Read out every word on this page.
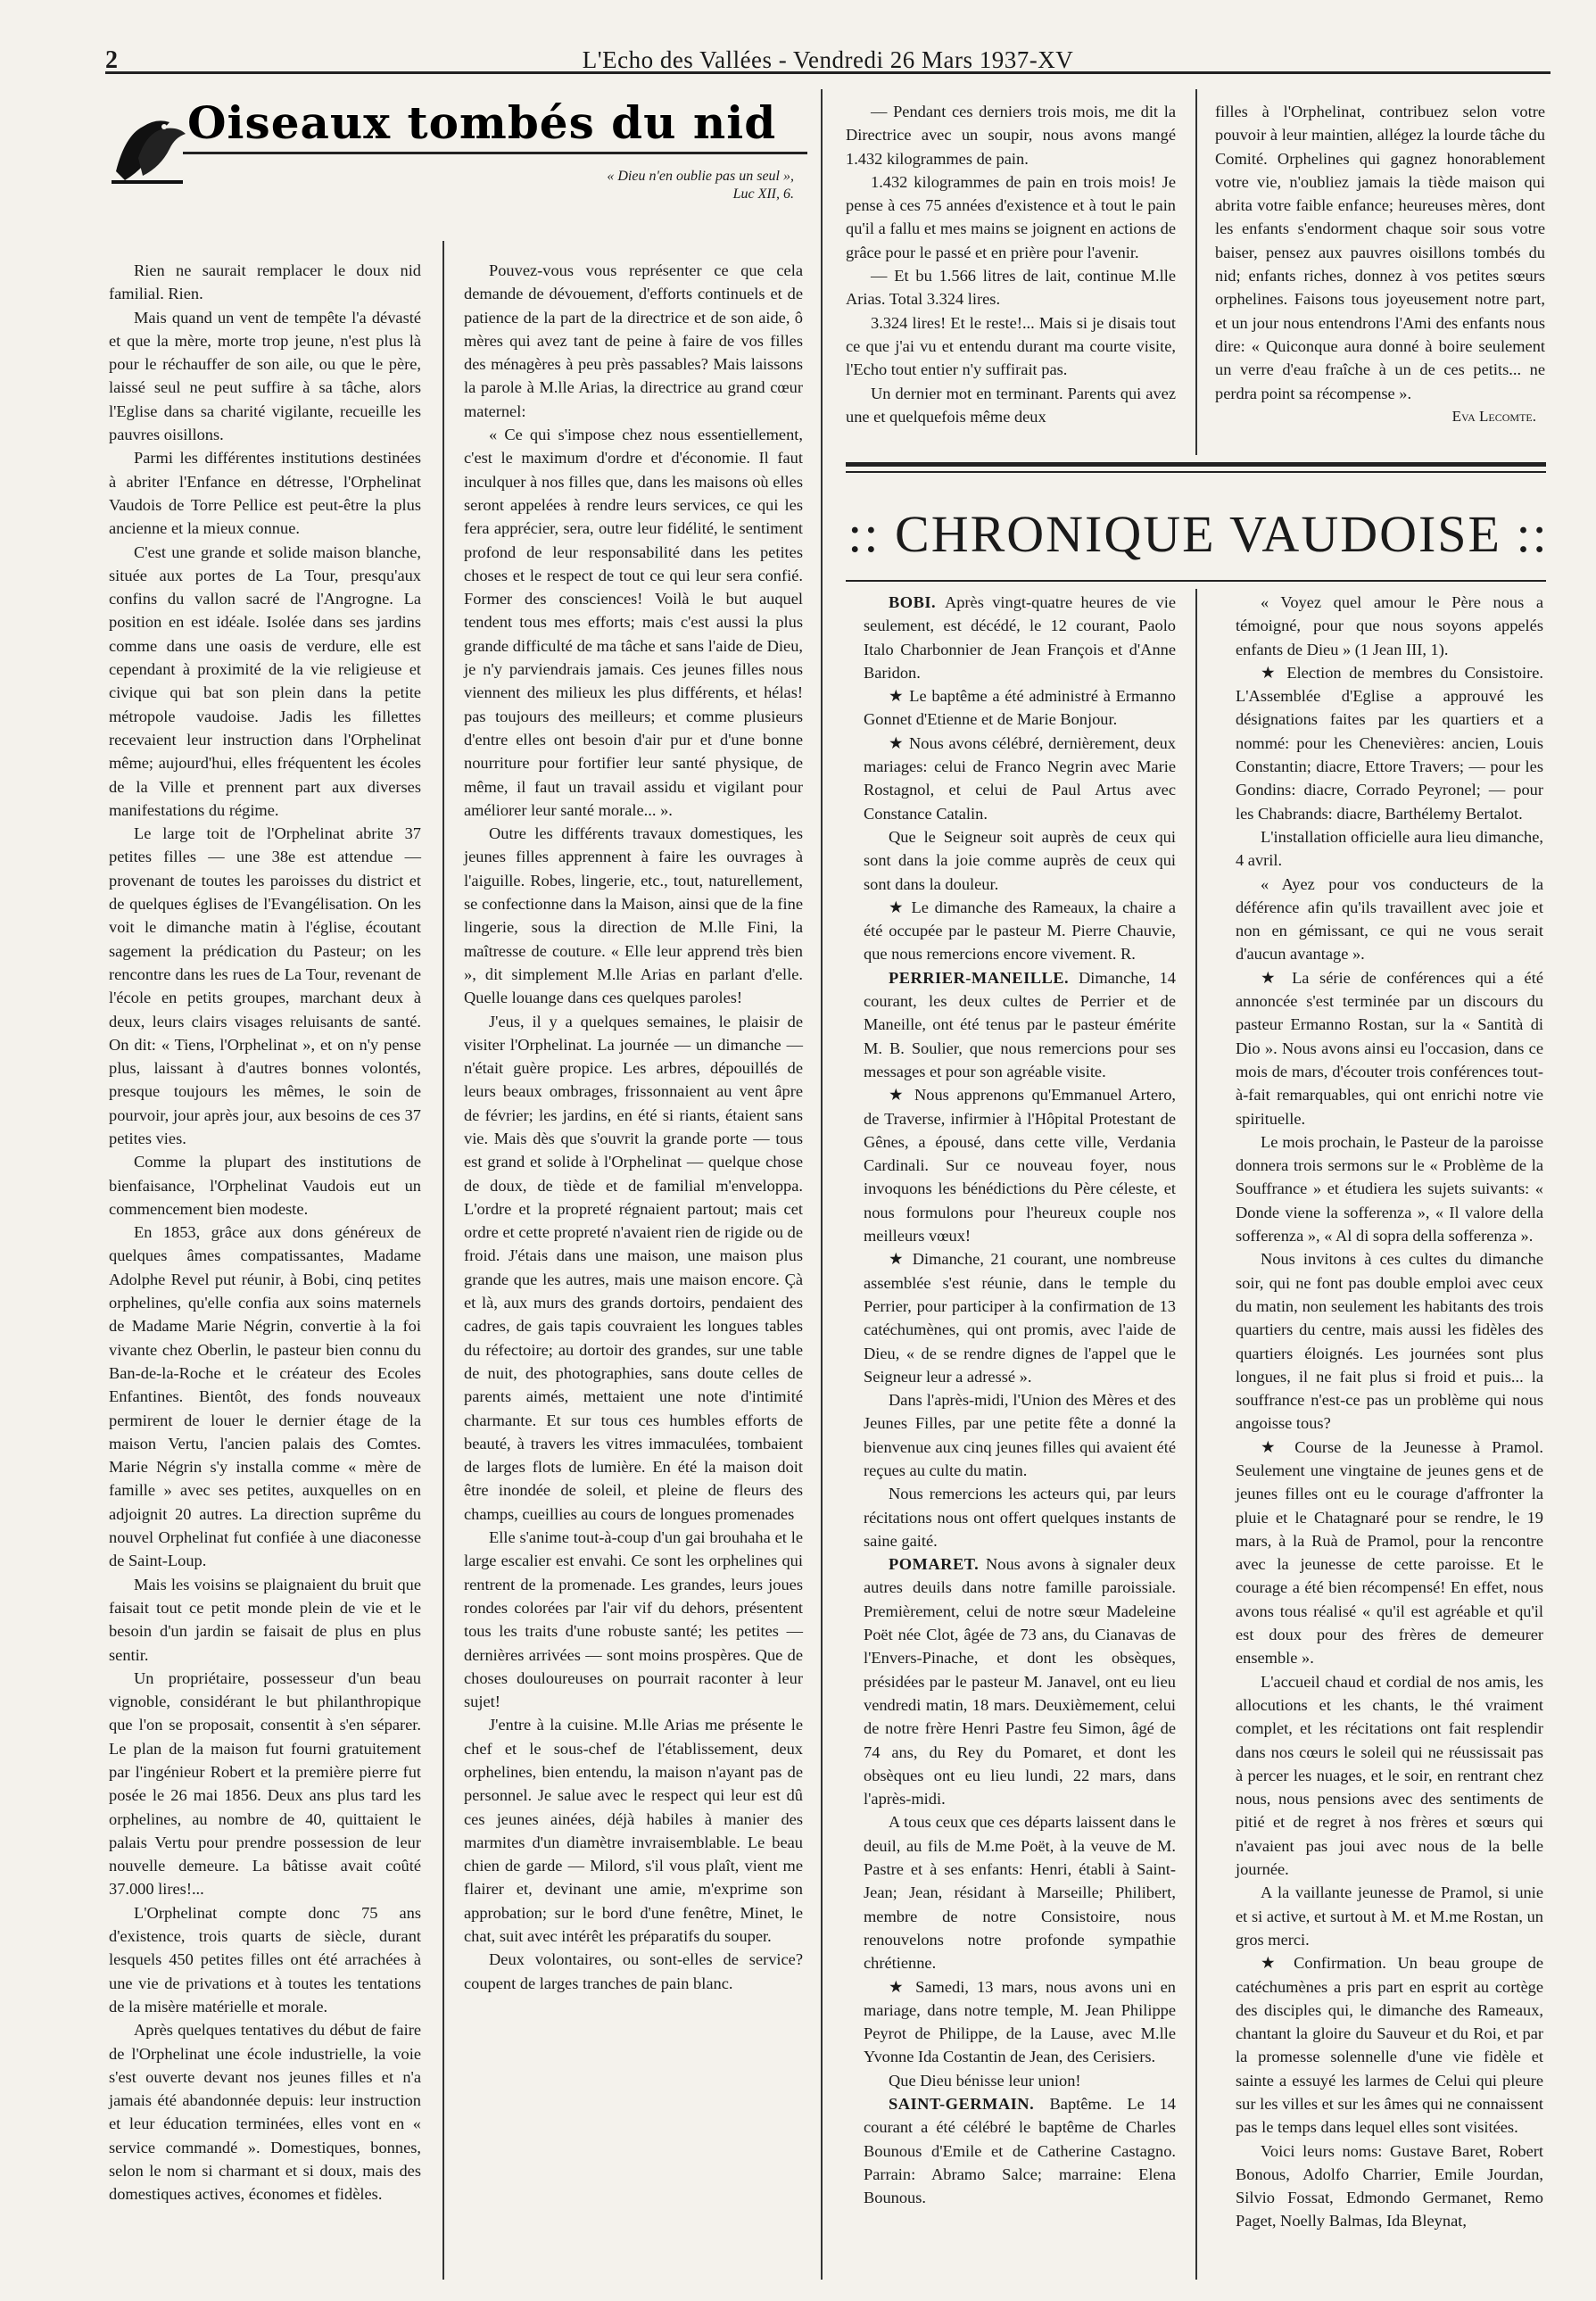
2	L'Echo des Vallées - Vendredi 26 Mars 1937-XV
Oiseaux tombés du nid
« Dieu n'en oublie pas un seul »,
Luc XII, 6.

Rien ne saurait remplacer le doux nid familial. Rien.

Mais quand un vent de tempête l'a dévasté et que la mère, morte trop jeune, n'est plus là pour le réchauffer de son aile, ou que le père, laissé seul ne peut suffire à sa tâche, alors l'Eglise dans sa charité vigilante, recueille les pauvres oisillons.

Parmi les différentes institutions destinées à abriter l'Enfance en détresse, l'Orphelinat Vaudois de Torre Pellice est peut-être la plus ancienne et la mieux connue.

C'est une grande et solide maison blanche, située aux portes de La Tour, presqu'aux confins du vallon sacré de l'Angrogne. La position en est idéale. Isolée dans ses jardins comme dans une oasis de verdure, elle est cependant à proximité de la vie religieuse et civique qui bat son plein dans la petite métropole vaudoise. Jadis les fillettes recevaient leur instruction dans l'Orphelinat même; aujourd'hui, elles fréquentent les écoles de la Ville et prennent part aux diverses manifestations du régime.

Le large toit de l'Orphelinat abrite 37 petites filles — une 38e est attendue — provenant de toutes les paroisses du district et de quelques églises de l'Evangélisation. On les voit le dimanche matin à l'église, écoutant sagement la prédication du Pasteur; on les rencontre dans les rues de La Tour, revenant de l'école en petits groupes, marchant deux à deux, leurs clairs visages reluisants de santé. On dit: « Tiens, l'Orphelinat », et on n'y pense plus, laissant à d'autres bonnes volontés, presque toujours les mêmes, le soin de pourvoir, jour après jour, aux besoins de ces 37 petites vies.

Comme la plupart des institutions de bienfaisance, l'Orphelinat Vaudois eut un commencement bien modeste.

En 1853, grâce aux dons généreux de quelques âmes compatissantes, Madame Adolphe Revel put réunir, à Bobi, cinq petites orphelines, qu'elle confia aux soins maternels de Madame Marie Négrin, convertie à la foi vivante chez Oberlin, le pasteur bien connu du Ban-de-la-Roche et le créateur des Ecoles Enfantines. Bientôt, des fonds nouveaux permirent de louer le dernier étage de la maison Vertu, l'ancien palais des Comtes. Marie Négrin s'y installa comme « mère de famille » avec ses petites, auxquelles on en adjoignit 20 autres. La direction suprême du nouvel Orphelinat fut confiée à une diaconesse de Saint-Loup.

Mais les voisins se plaignaient du bruit que faisait tout ce petit monde plein de vie et le besoin d'un jardin se faisait de plus en plus sentir.

Un propriétaire, possesseur d'un beau vignoble, considérant le but philanthropique que l'on se proposait, consentit à s'en séparer. Le plan de la maison fut fourni gratuitement par l'ingénieur Robert et la première pierre fut posée le 26 mai 1856. Deux ans plus tard les orphelines, au nombre de 40, quittaient le palais Vertu pour prendre possession de leur nouvelle demeure. La bâtisse avait coûté 37.000 lires!...

L'Orphelinat compte donc 75 ans d'existence, trois quarts de siècle, durant lesquels 450 petites filles ont été arrachées à une vie de privations et à toutes les tentations de la misère matérielle et morale.

Après quelques tentatives du début de faire de l'Orphelinat une école industrielle, la voie s'est ouverte devant nos jeunes filles et n'a jamais été abandonnée depuis: leur instruction et leur éducation terminées, elles vont en « service commandé ». Domestiques, bonnes, selon le nom si charmant et si doux, mais des domestiques actives, économes et fidèles.

Pouvez-vous vous représenter ce que cela demande de dévouement, d'efforts continuels et de patience de la part de la directrice et de son aide, ô mères qui avez tant de peine à faire de vos filles des ménagères à peu près passables? Mais laissons la parole à M.lle Arias, la directrice au grand cœur maternel:

« Ce qui s'impose chez nous essentiellement, c'est le maximum d'ordre et d'économie. Il faut inculquer à nos filles que, dans les maisons où elles seront appelées à rendre leurs services, ce qui les fera apprécier, sera, outre leur fidélité, le sentiment profond de leur responsabilité dans les petites choses et le respect de tout ce qui leur sera confié. Former des consciences! Voilà le but auquel tendent tous mes efforts; mais c'est aussi la plus grande difficulté de ma tâche et sans l'aide de Dieu, je n'y parviendrais jamais. Ces jeunes filles nous viennent des milieux les plus différents, et hélas! pas toujours des meilleurs; et comme plusieurs d'entre elles ont besoin d'air pur et d'une bonne nourriture pour fortifier leur santé physique, de même, il faut un travail assidu et vigilant pour améliorer leur santé morale... ».

Outre les différents travaux domestiques, les jeunes filles apprennent à faire les ouvrages à l'aiguille. Robes, lingerie, etc., tout, naturellement, se confectionne dans la Maison, ainsi que de la fine lingerie, sous la direction de M.lle Fini, la maîtresse de couture. « Elle leur apprend très bien », dit simplement M.lle Arias en parlant d'elle. Quelle louange dans ces quelques paroles!

J'eus, il y a quelques semaines, le plaisir de visiter l'Orphelinat. La journée — un dimanche — n'était guère propice. Les arbres, dépouillés de leurs beaux ombrages, frissonnaient au vent âpre de février; les jardins, en été si riants, étaient sans vie. Mais dès que s'ouvrit la grande porte — tous est grand et solide à l'Orphelinat — quelque chose de doux, de tiède et de familial m'enveloppa. L'ordre et la propreté régnaient partout; mais cet ordre et cette propreté n'avaient rien de rigide ou de froid. J'étais dans une maison, une maison plus grande que les autres, mais une maison encore. Çà et là, aux murs des grands dortoirs, pendaient des cadres, de gais tapis couvraient les longues tables du réfectoire; au dortoir des grandes, sur une table de nuit, des photographies, sans doute celles de parents aimés, mettaient une note d'intimité charmante. Et sur tous ces humbles efforts de beauté, à travers les vitres immaculées, tombaient de larges flots de lumière. En été la maison doit être inondée de soleil, et pleine de fleurs des champs, cueillies au cours de longues promenades

Elle s'anime tout-à-coup d'un gai brouhaha et le large escalier est envahi. Ce sont les orphelines qui rentrent de la promenade. Les grandes, leurs joues rondes colorées par l'air vif du dehors, présentent tous les traits d'une robuste santé; les petites — dernières arrivées — sont moins prospères. Que de choses douloureuses on pourrait raconter à leur sujet!

J'entre à la cuisine. M.lle Arias me présente le chef et le sous-chef de l'établissement, deux orphelines, bien entendu, la maison n'ayant pas de personnel. Je salue avec le respect qui leur est dû ces jeunes ainées, déjà habiles à manier des marmites d'un diamètre invraisemblable. Le beau chien de garde — Milord, s'il vous plaît, vient me flairer et, devinant une amie, m'exprime son approbation; sur le bord d'une fenêtre, Minet, le chat, suit avec intérêt les préparatifs du souper.

Deux volontaires, ou sont-elles de service? coupent de larges tranches de pain blanc.

— Pendant ces derniers trois mois, me dit la Directrice avec un soupir, nous avons mangé 1.432 kilogrammes de pain.

1.432 kilogrammes de pain en trois mois! Je pense à ces 75 années d'existence et à tout le pain qu'il a fallu et mes mains se joignent en actions de grâce pour le passé et en prière pour l'avenir.

— Et bu 1.566 litres de lait, continue M.lle Arias. Total 3.324 lires.

3.324 lires! Et le reste!... Mais si je disais tout ce que j'ai vu et entendu durant ma courte visite, l'Echo tout entier n'y suffirait pas.

Un dernier mot en terminant. Parents qui avez une et quelquefois même deux

filles à l'Orphelinat, contribuez selon votre pouvoir à leur maintien, allégez la lourde tâche du Comité. Orphelines qui gagnez honorablement votre vie, n'oubliez jamais la tiède maison qui abrita votre faible enfance; heureuses mères, dont les enfants s'endorment chaque soir sous votre baiser, pensez aux pauvres oisillons tombés du nid; enfants riches, donnez à vos petites sœurs orphelines. Faisons tous joyeusement notre part, et un jour nous entendrons l'Ami des enfants nous dire: « Quiconque aura donné à boire seulement un verre d'eau fraîche à un de ces petits... ne perdra point sa récompense ».

Eva Lecomte.
:: CHRONIQUE VAUDOISE ::

BOBI. Après vingt-quatre heures de vie seulement, est décédé, le 12 courant, Paolo Italo Charbonnier de Jean François et d'Anne Baridon.

★ Le baptême a été administré à Ermanno Gonnet d'Etienne et de Marie Bonjour.

★ Nous avons célébré, dernièrement, deux mariages: celui de Franco Negrin avec Marie Rostagnol, et celui de Paul Artus avec Constance Catalin.

Que le Seigneur soit auprès de ceux qui sont dans la joie comme auprès de ceux qui sont dans la douleur.

★ Le dimanche des Rameaux, la chaire a été occupée par le pasteur M. Pierre Chauvie, que nous remercions encore vivement. R.

PERRIER-MANEILLE. Dimanche, 14 courant, les deux cultes de Perrier et de Maneille, ont été tenus par le pasteur émérite M. B. Soulier, que nous remercions pour ses messages et pour son agréable visite.

★ Nous apprenons qu'Emmanuel Artero, de Traverse, infirmier à l'Hôpital Protestant de Gênes, a épousé, dans cette ville, Verdania Cardinali. Sur ce nouveau foyer, nous invoquons les bénédictions du Père céleste, et nous formulons pour l'heureux couple nos meilleurs vœux!

★ Dimanche, 21 courant, une nombreuse assemblée s'est réunie, dans le temple du Perrier, pour participer à la confirmation de 13 catéchumènes, qui ont promis, avec l'aide de Dieu, « de se rendre dignes de l'appel que le Seigneur leur a adressé ».

Dans l'après-midi, l'Union des Mères et des Jeunes Filles, par une petite fête a donné la bienvenue aux cinq jeunes filles qui avaient été reçues au culte du matin.

Nous remercions les acteurs qui, par leurs récitations nous ont offert quelques instants de saine gaité.

POMARET. Nous avons à signaler deux autres deuils dans notre famille paroissiale. Premièrement, celui de notre sœur Madeleine Poët née Clot, âgée de 73 ans, du Cianavas de l'Envers-Pinache, et dont les obsèques, présidées par le pasteur M. Janavel, ont eu lieu vendredi matin, 18 mars. Deuxièmement, celui de notre frère Henri Pastre feu Simon, âgé de 74 ans, du Rey du Pomaret, et dont les obsèques ont eu lieu lundi, 22 mars, dans l'après-midi.

A tous ceux que ces départs laissent dans le deuil, au fils de M.me Poët, à la veuve de M. Pastre et à ses enfants: Henri, établi à Saint-Jean; Jean, résidant à Marseille; Philibert, membre de notre Consistoire, nous renouvelons notre profonde sympathie chrétienne.

★ Samedi, 13 mars, nous avons uni en mariage, dans notre temple, M. Jean Philippe Peyrot de Philippe, de la Lause, avec M.lle Yvonne Ida Costantin de Jean, des Cerisiers.

Que Dieu bénisse leur union!

SAINT-GERMAIN. Baptême. Le 14 courant a été célébré le baptême de Charles Bounous d'Emile et de Catherine Castagno. Parrain: Abramo Salce; marraine: Elena Bounous.

« Voyez quel amour le Père nous a témoigné, pour que nous soyons appelés enfants de Dieu » (1 Jean III, 1).

★ Election de membres du Consistoire. L'Assemblée d'Eglise a approuvé les désignations faites par les quartiers et a nommé: pour les Chenevières: ancien, Louis Constantin; diacre, Ettore Travers; — pour les Gondins: diacre, Corrado Peyronel; — pour les Chabrands: diacre, Barthélemy Bertalot.

L'installation officielle aura lieu dimanche, 4 avril.

« Ayez pour vos conducteurs de la déférence afin qu'ils travaillent avec joie et non en gémissant, ce qui ne vous serait d'aucun avantage ».

★ La série de conférences qui a été annoncée s'est terminée par un discours du pasteur Ermanno Rostan, sur la « Santità di Dio ». Nous avons ainsi eu l'occasion, dans ce mois de mars, d'écouter trois conférences tout-à-fait remarquables, qui ont enrichi notre vie spirituelle.

Le mois prochain, le Pasteur de la paroisse donnera trois sermons sur le « Problème de la Souffrance » et étudiera les sujets suivants: « Donde viene la sofferenza », « Il valore della sofferenza », « Al di sopra della sofferenza ».

Nous invitons à ces cultes du dimanche soir, qui ne font pas double emploi avec ceux du matin, non seulement les habitants des trois quartiers du centre, mais aussi les fidèles des quartiers éloignés. Les journées sont plus longues, il ne fait plus si froid et puis... la souffrance n'est-ce pas un problème qui nous angoisse tous?

★ Course de la Jeunesse à Pramol. Seulement une vingtaine de jeunes gens et de jeunes filles ont eu le courage d'affronter la pluie et le Chatagnaré pour se rendre, le 19 mars, à la Ruà de Pramol, pour la rencontre avec la jeunesse de cette paroisse. Et le courage a été bien récompensé! En effet, nous avons tous réalisé « qu'il est agréable et qu'il est doux pour des frères de demeurer ensemble ».

L'accueil chaud et cordial de nos amis, les allocutions et les chants, le thé vraiment complet, et les récitations ont fait resplendir dans nos cœurs le soleil qui ne réussissait pas à percer les nuages, et le soir, en rentrant chez nous, nous pensions avec des sentiments de pitié et de regret à nos frères et sœurs qui n'avaient pas joui avec nous de la belle journée.

A la vaillante jeunesse de Pramol, si unie et si active, et surtout à M. et M.me Rostan, un gros merci.

★ Confirmation. Un beau groupe de catéchumènes a pris part en esprit au cortège des disciples qui, le dimanche des Rameaux, chantant la gloire du Sauveur et du Roi, et par la promesse solennelle d'une vie fidèle et sainte a essuyé les larmes de Celui qui pleure sur les villes et sur les âmes qui ne connaissent pas le temps dans lequel elles sont visitées.

Voici leurs noms: Gustave Baret, Robert Bonous, Adolfo Charrier, Emile Jourdan, Silvio Fossat, Edmondo Germanet, Remo Paget, Noelly Balmas, Ida Bleynat,
